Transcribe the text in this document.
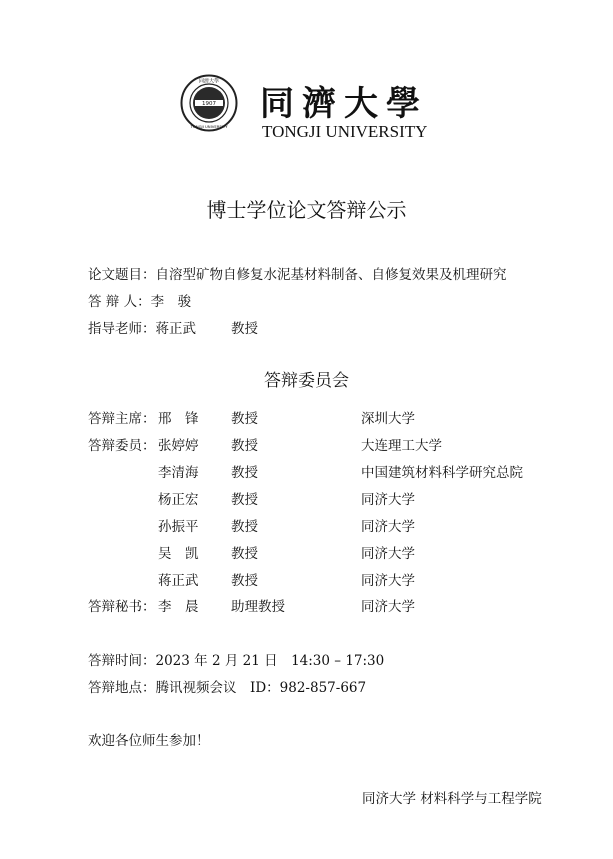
1907
同濟大學
TONGJI UNIVERSITY
同濟大學
TONGJI UNIVERSITY
博士学位论文答辩公示
论文题目：自溶型矿物自修复水泥基材料制备、自修复效果及机理研究
答 辩 人：李　骏
指导老师：蒋正武	教授
答辩委员会
答辩主席： 邢　锋 教授	深圳大学
答辩委员： 张婷婷 教授	大连理工大学
李清海 教授	中国建筑材料科学研究总院
杨正宏 教授	同济大学
孙振平 教授	同济大学
吴　凯 教授	同济大学
蒋正武 教授	同济大学
答辩秘书： 李　晨 助理教授	同济大学
答辩时间：2023 年 2 月 21 日　14:30 – 17:30
答辩地点：腾讯视频会议　ID：982-857-667
欢迎各位师生参加！
同济大学 材料科学与工程学院
